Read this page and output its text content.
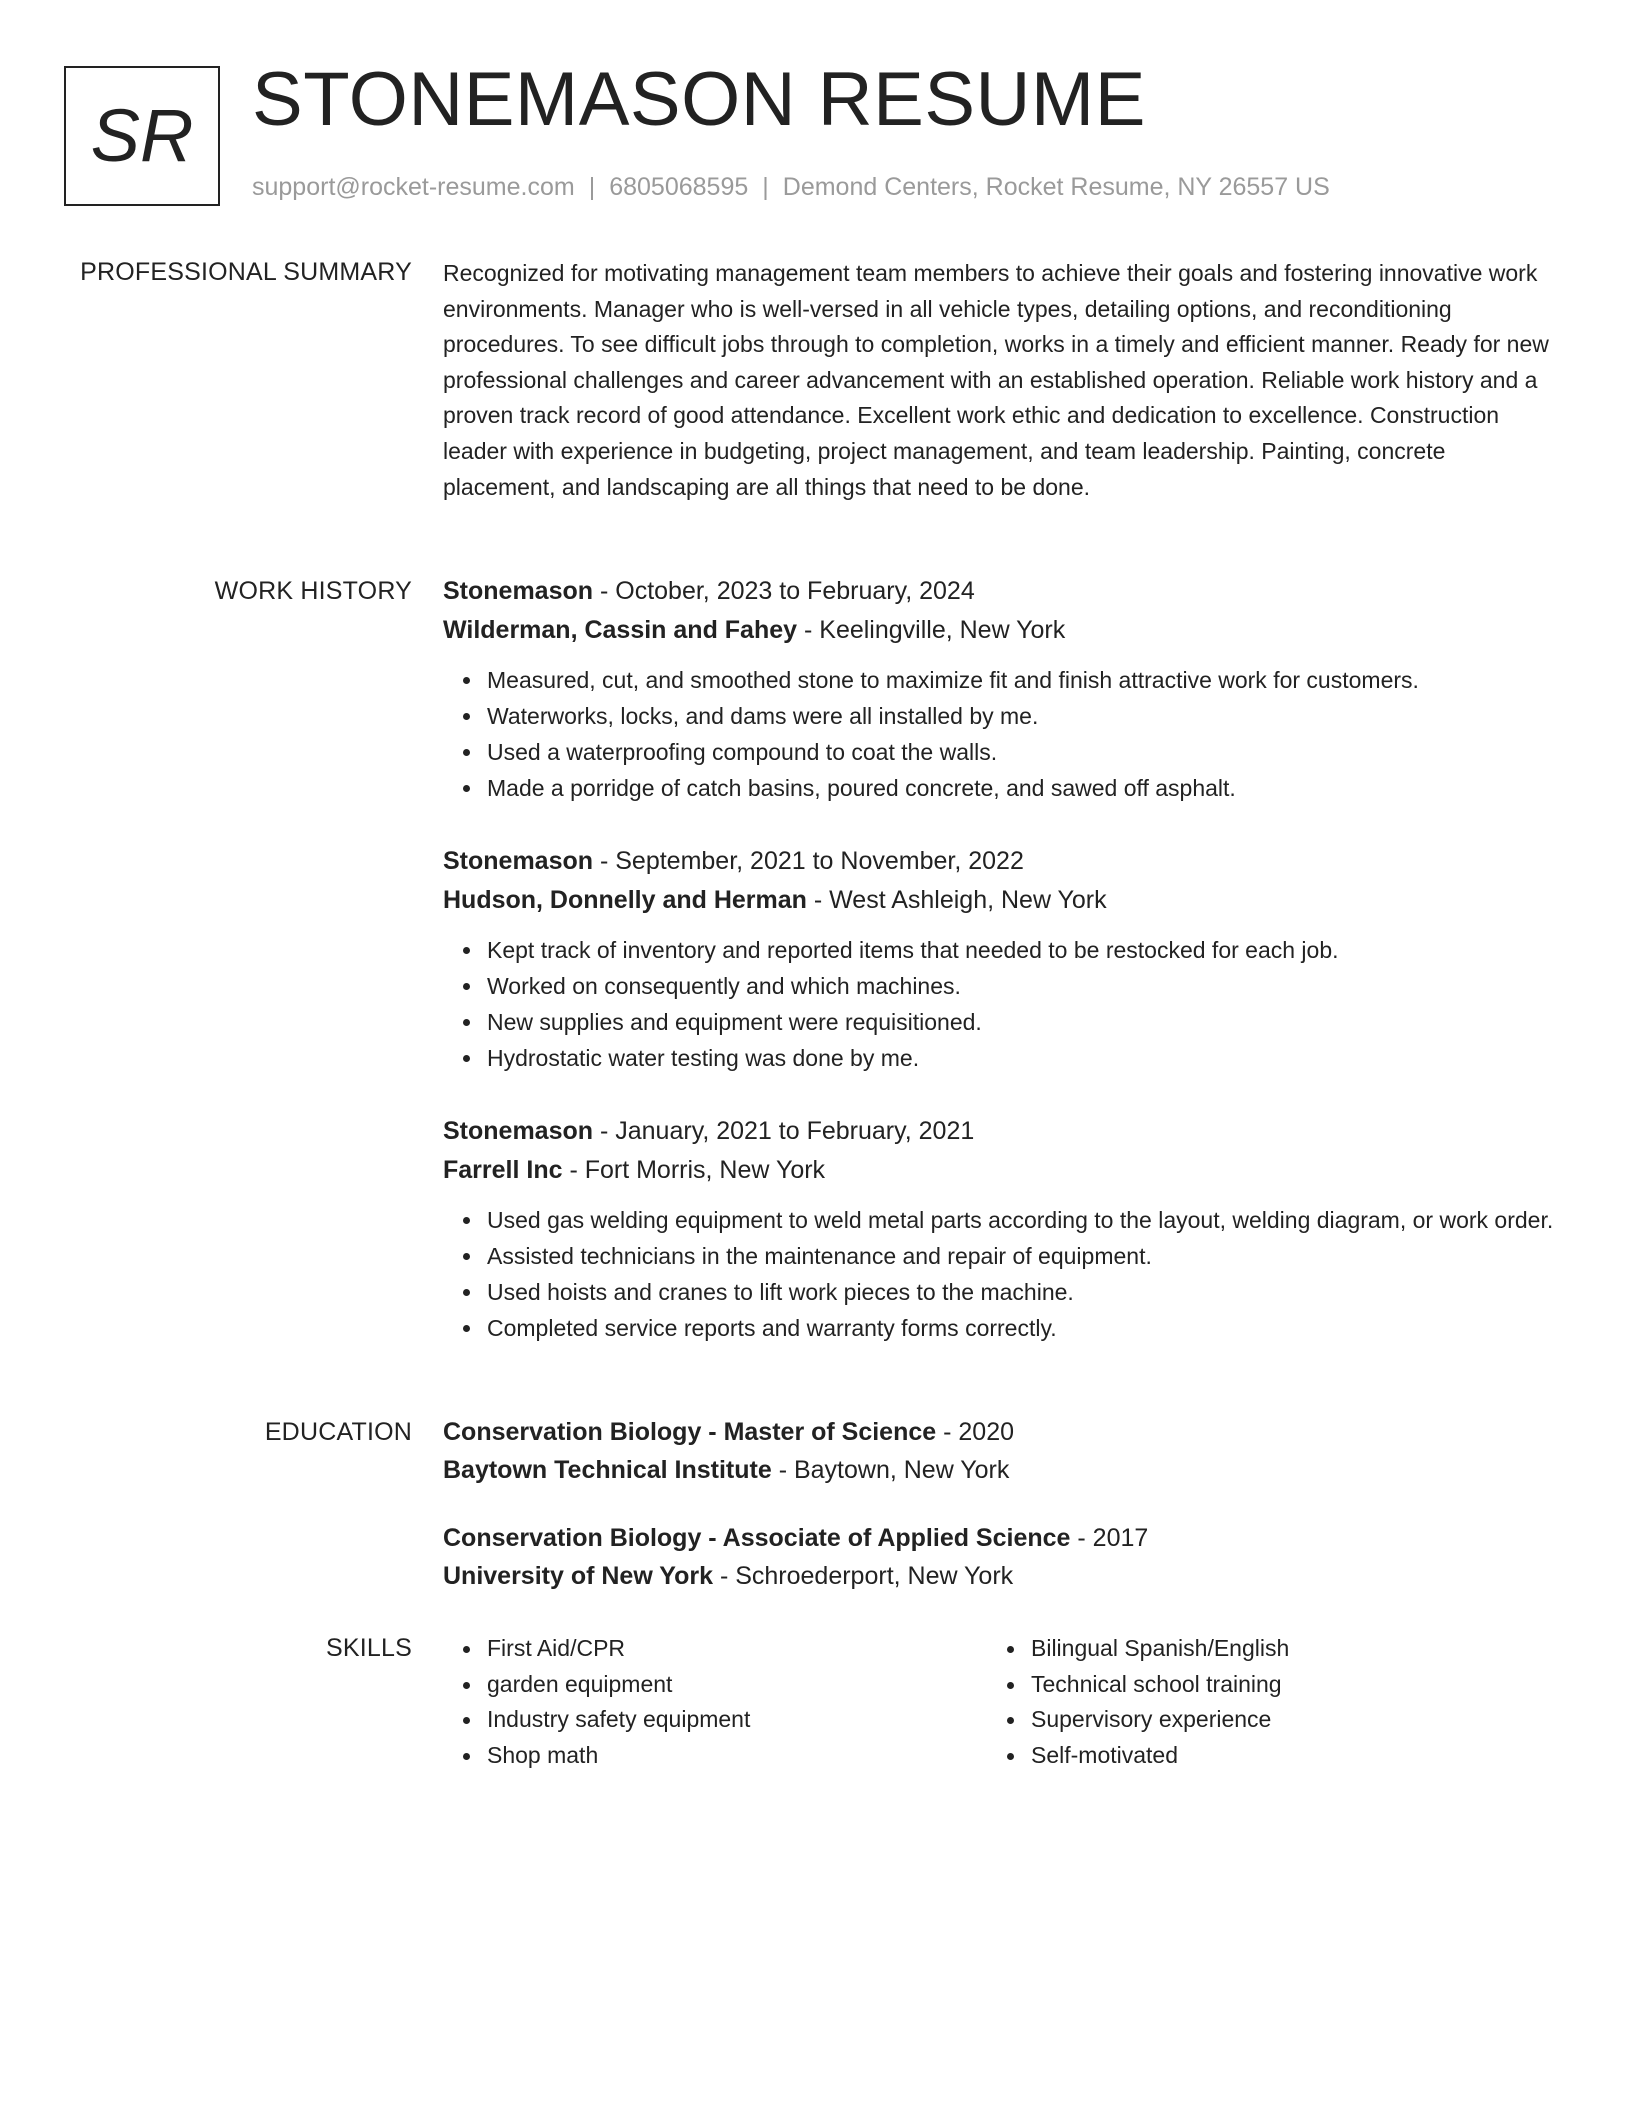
SR STONEMASON RESUME
support@rocket-resume.com | 6805068595 | Demond Centers, Rocket Resume, NY 26557 US
PROFESSIONAL SUMMARY Recognized for motivating management team members to achieve their goals and fostering innovative work environments. Manager who is well-versed in all vehicle types, detailing options, and reconditioning procedures. To see difficult jobs through to completion, works in a timely and efficient manner. Ready for new professional challenges and career advancement with an established operation. Reliable work history and a proven track record of good attendance. Excellent work ethic and dedication to excellence. Construction leader with experience in budgeting, project management, and team leadership. Painting, concrete placement, and landscaping are all things that need to be done.

WORK HISTORY Stonemason - October, 2023 to February, 2024
Wilderman, Cassin and Fahey - Keelingville, New York
Measured, cut, and smoothed stone to maximize fit and finish attractive work for customers.
Waterworks, locks, and dams were all installed by me.
Used a waterproofing compound to coat the walls.
Made a porridge of catch basins, poured concrete, and sawed off asphalt.
Stonemason - September, 2021 to November, 2022
Hudson, Donnelly and Herman - West Ashleigh, New York
Kept track of inventory and reported items that needed to be restocked for each job.
Worked on consequently and which machines.
New supplies and equipment were requisitioned.
Hydrostatic water testing was done by me.
Stonemason - January, 2021 to February, 2021
Farrell Inc - Fort Morris, New York
Used gas welding equipment to weld metal parts according to the layout, welding diagram, or work order.
Assisted technicians in the maintenance and repair of equipment.
Used hoists and cranes to lift work pieces to the machine.
Completed service reports and warranty forms correctly.
EDUCATION Conservation Biology - Master of Science - 2020
Baytown Technical Institute - Baytown, New York
Conservation Biology - Associate of Applied Science - 2017
University of New York - Schroederport, New York
SKILLS	First Aid/CPR
garden equipment
Industry safety equipment
Shop math
Bilingual Spanish/English
Technical school training
Supervisory experience
Self-motivated
